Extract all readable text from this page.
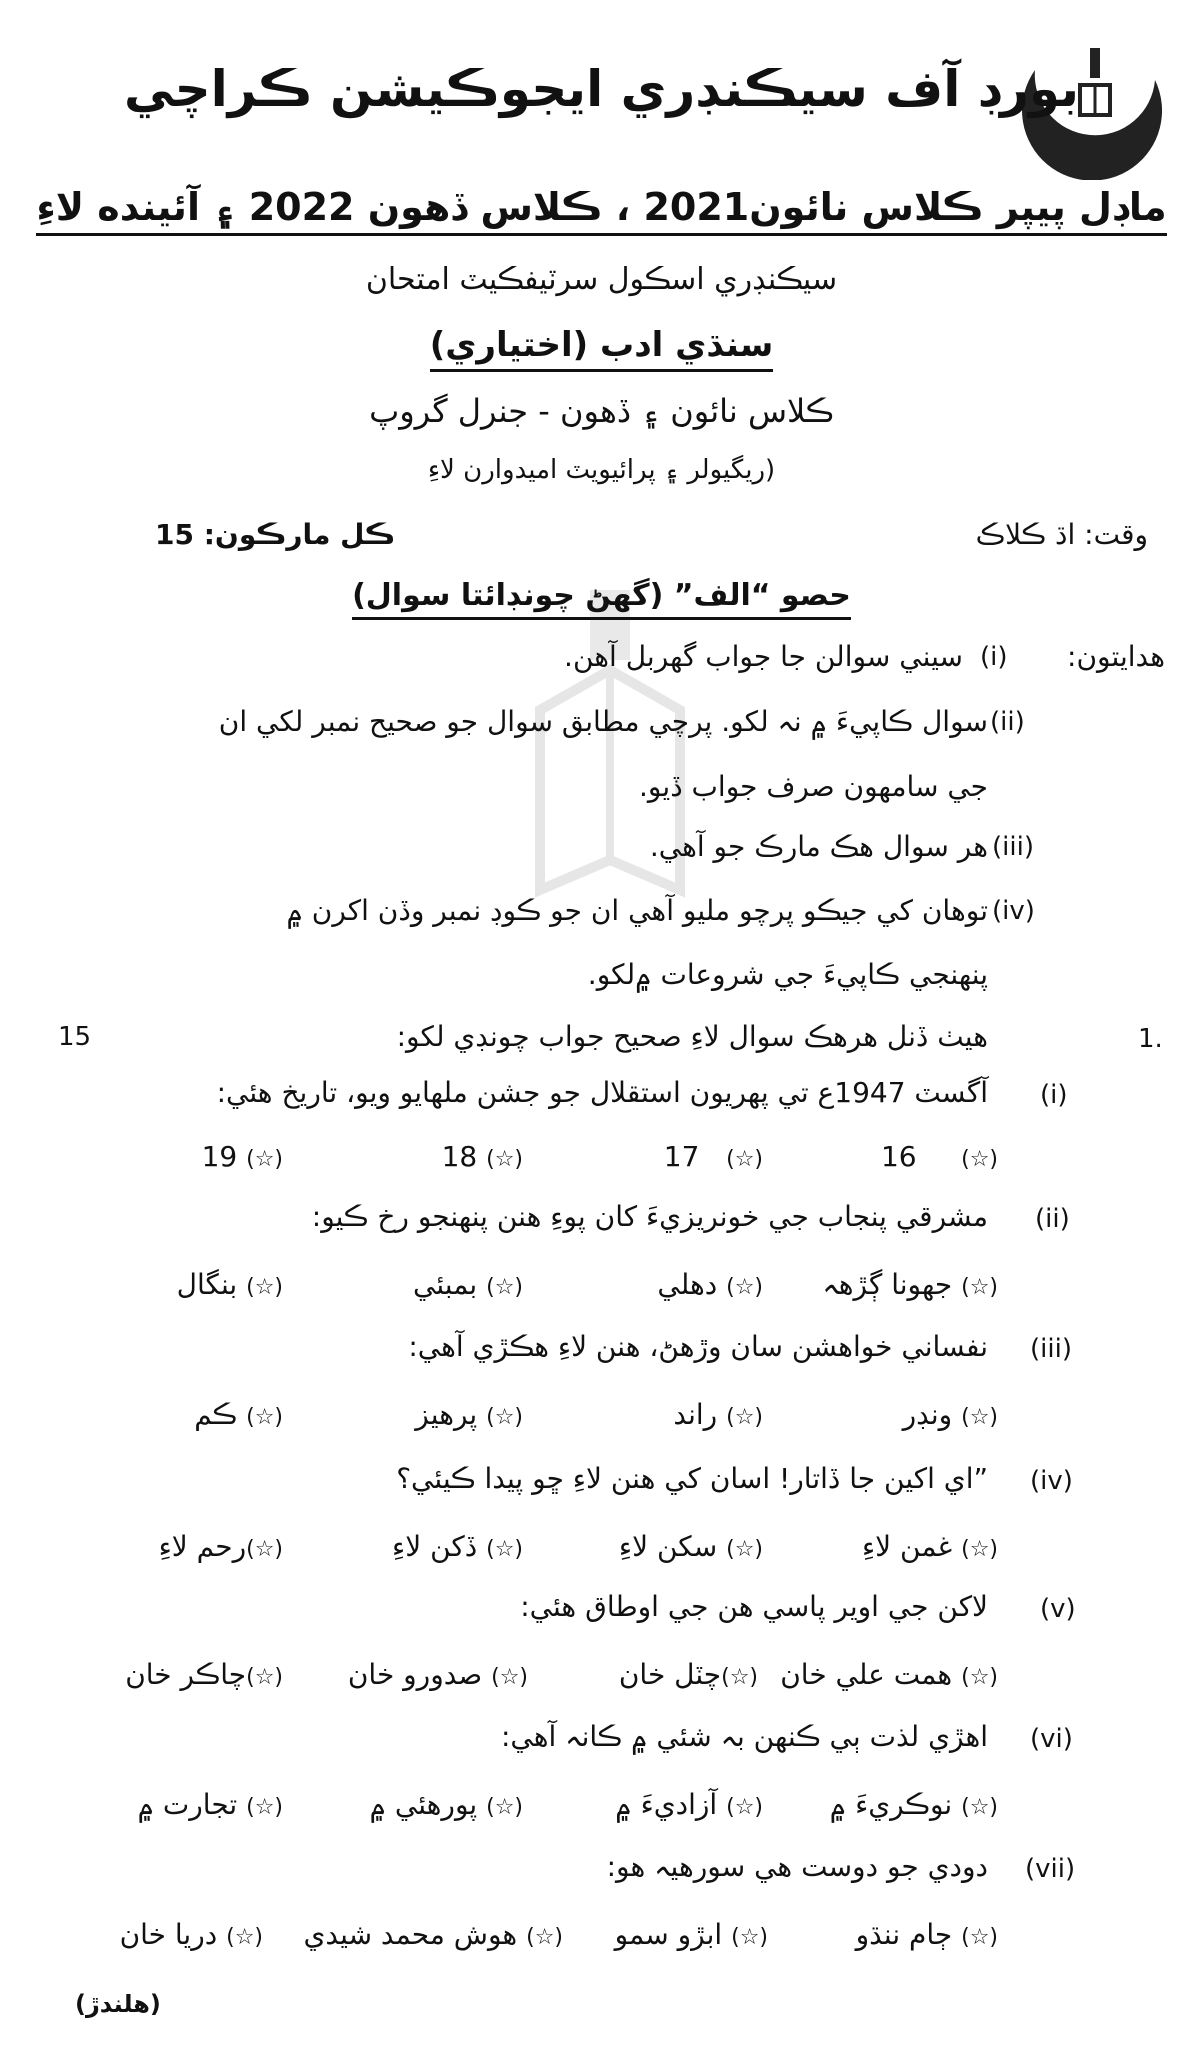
بورڊ آف سيڪنڊري ايجوڪيشن ڪراچي
ماڊل پيپر ڪلاس نائون2021 ، ڪلاس ڏهون 2022 ۽ آئينده لاءِ
سيڪنڊري اسڪول سرٽيفڪيٽ امتحان
سنڌي ادب (اختياري)
ڪلاس نائون ۽ ڏهون - جنرل گروپ
(ريگيولر ۽ پرائيويٽ اميدوارن لاءِ
وقت: اڌ ڪلاڪ
ڪل مارڪون: 15
حصو “الف” (گهڻ چونڊائتا سوال)
هدايتون:
(i)
سيني سوالن جا جواب گهربل آهن.
(ii)
سوال ڪاپيءَ ۾ نہ لکو. پرچي مطابق سوال جو صحيح نمبر لکي ان
جي سامهون صرف جواب ڏيو.
(iii)
هر سوال هڪ مارڪ جو آهي.
(iv)
توهان کي جيڪو پرچو مليو آهي ان جو ڪوڊ نمبر وڏن اکرن ۾
پنهنجي ڪاپيءَ جي شروعات ۾لکو.
1.
هيٺ ڏنل هرهڪ سوال لاءِ صحيح جواب چونڊي لکو:
15
(i)
آگسٽ 1947ع تي پهريون استقلال جو جشن ملهايو ويو، تاريخ هئي:
(☆)     16
(☆)   17
(☆) 18
(☆) 19
(ii)
مشرقي پنجاب جي خونريزيءَ کان پوءِ هنن پنهنجو رخ ڪيو:
(☆) جهونا ڳڙهہ
(☆) دهلي
(☆) بمبئي
(☆) بنگال
(iii)
نفساني خواهشن سان وڙهڻ، هنن لاءِ هڪڙي آهي:
(☆) ونڊر
(☆) راند
(☆) پرهيز
(☆) ڪم
(iv)
”اي اکين جا ڏاتار! اسان کي هنن لاءِ ڇو پيدا ڪيئي؟
(☆) غمن لاءِ
(☆) سکن لاءِ
(☆) ڏکن لاءِ
(☆)رحم لاءِ
(v)
لاکن جي اوير پاسي هن جي اوطاق هئي:
(☆) همت علي خان
(☆)چٽل خان
(☆) صدورو خان
(☆)چاڪر خان
(vi)
اهڙي لذت ٻي ڪنهن بہ شئي ۾ ڪانہ آهي:
(☆) نوڪريءَ ۾
(☆) آزاديءَ ۾
(☆) پورهئي ۾
(☆) تجارت ۾
(vii)
دودي جو دوست هي سورهيہ هو:
(☆) ڄام ننڌو
(☆) ابڙو سمو
(☆) هوش محمد شيدي
(☆) دريا خان
(هلندڙ)
